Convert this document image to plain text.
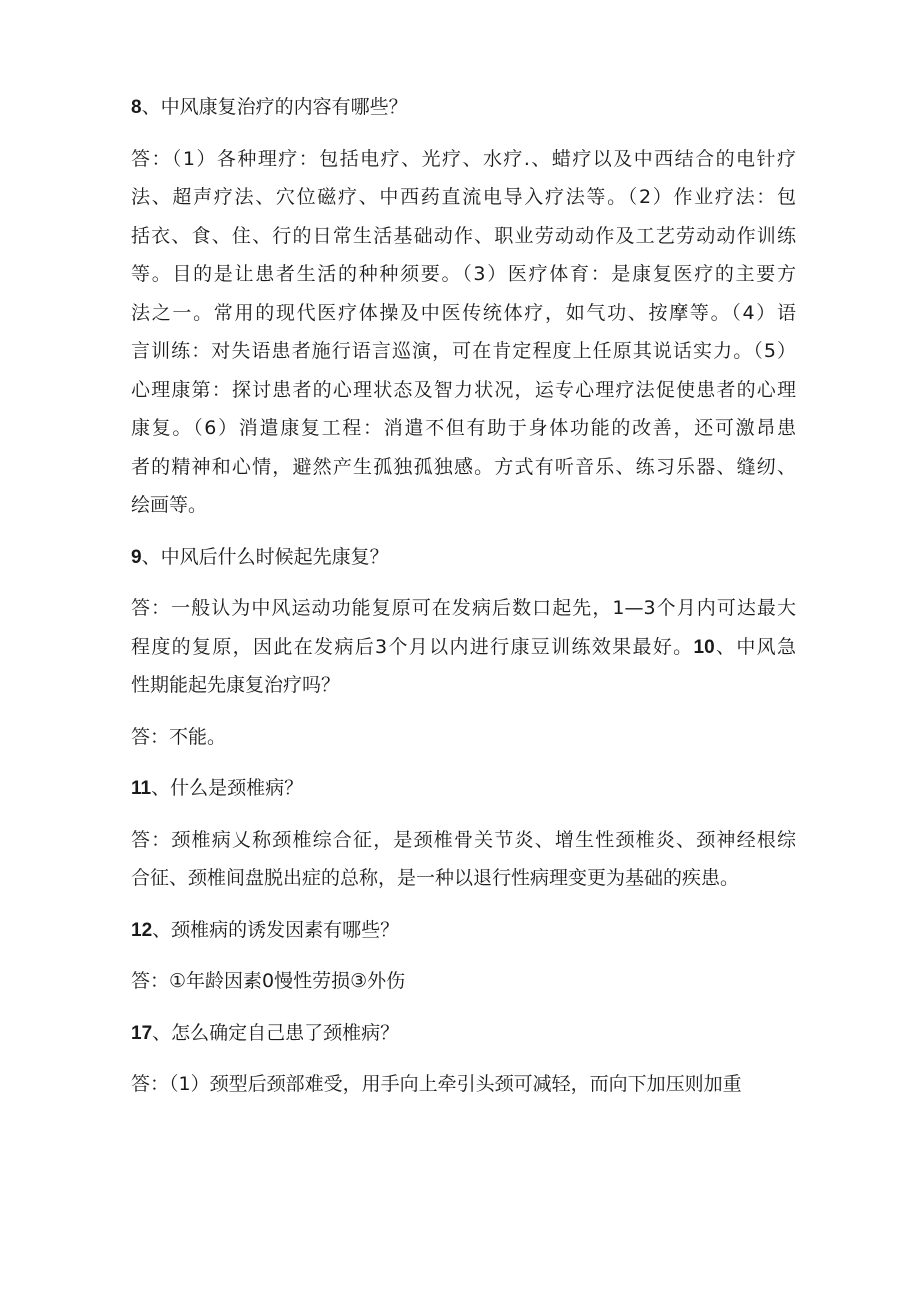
8、中风康复治疗的内容有哪些？
答：（1）各种理疗：包括电疗、光疗、水疗.、蜡疗以及中西结合的电针疗
法、超声疗法、穴位磁疗、中西药直流电导入疗法等。（2）作业疗法：包
括衣、食、住、行的日常生活基础动作、职业劳动动作及工艺劳动动作训练
等。目的是让患者生活的种种须要。（3）医疗体育：是康复医疗的主要方
法之一。常用的现代医疗体操及中医传统体疗，如气功、按摩等。（4）语
言训练：对失语患者施行语言巡演，可在肯定程度上任原其说话实力。（5）
心理康第：探讨患者的心理状态及智力状况，运专心理疗法促使患者的心理
康复。（6）消遣康复工程：消遣不但有助于身体功能的改善，还可激昂患
者的精神和心情，避然产生孤独孤独感。方式有听音乐、练习乐器、缝纫、
绘画等。
9、中风后什么时候起先康复？
答：一般认为中风运动功能复原可在发病后数口起先，1—3个月内可达最大
程度的复原，因此在发病后3个月以内进行康豆训练效果最好。10、中风急
性期能起先康复治疗吗？
答：不能。
11、什么是颈椎病？
答：颈椎病乂称颈椎综合征，是颈椎骨关节炎、增生性颈椎炎、颈神经根综
合征、颈椎间盘脱出症的总称，是一种以退行性病理变更为基础的疾患。
12、颈椎病的诱发因素有哪些？
答：①年龄因素0慢性劳损③外伤
17、怎么确定自己患了颈椎病？
答：（1）颈型后颈部难受，用手向上牵引头颈可减轻，而向下加压则加重
